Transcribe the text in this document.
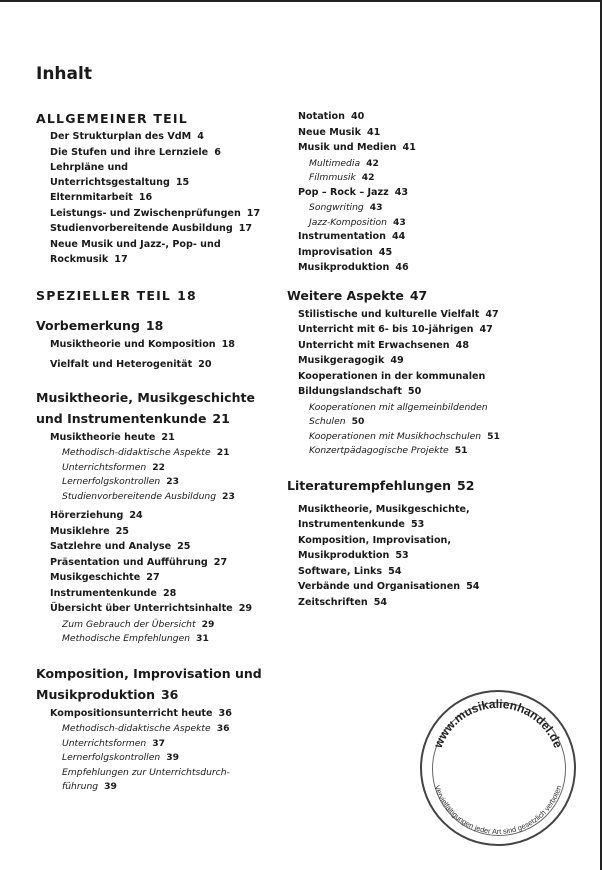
Inhalt
ALLGEMEINER TEIL
Der Strukturplan des VdM 4
Die Stufen und ihre Lernziele 6
Lehrpläne und Unterrichtsgestaltung 15
Elternmitarbeit 16
Leistungs- und Zwischenprüfungen 17
Studienvorbereitende Ausbildung 17
Neue Musik und Jazz-, Pop- und
Rockmusik 17
SPEZIELLER TEIL 18
Vorbemerkung 18
Musiktheorie und Komposition 18
Vielfalt und Heterogenität 20
Musiktheorie, Musikgeschichte
und Instrumentenkunde 21
Musiktheorie heute 21
Methodisch-didaktische Aspekte 21
Unterrichtsformen 22
Lernerfolgskontrollen 23
Studienvorbereitende Ausbildung 23
Hörerziehung 24
Musiklehre 25
Satzlehre und Analyse 25
Präsentation und Aufführung 27
Musikgeschichte 27
Instrumentenkunde 28
Übersicht über Unterrichtsinhalte 29
Zum Gebrauch der Übersicht 29
Methodische Empfehlungen 31
Komposition, Improvisation und
Musikproduktion 36
Kompositionsunterricht heute 36
Methodisch-didaktische Aspekte 36
Unterrichtsformen 37
Lernerfolgskontrollen 39
Empfehlungen zur Unterrichtsdurch-
führung 39
Notation 40
Neue Musik 41
Musik und Medien 41
Multimedia 42
Filmmusik 42
Pop – Rock – Jazz 43
Songwriting 43
Jazz-Komposition 43
Instrumentation 44
Improvisation 45
Musikproduktion 46
Weitere Aspekte 47
Stilistische und kulturelle Vielfalt 47
Unterricht mit 6- bis 10-jährigen 47
Unterricht mit Erwachsenen 48
Musikgeragogik 49
Kooperationen in der kommunalen
Bildungslandschaft 50
Kooperationen mit allgemeinbildenden
Schulen 50
Kooperationen mit Musikhochschulen 51
Konzertpädagogische Projekte 51
Literaturempfehlungen 52
Musiktheorie, Musikgeschichte,
Instrumentenkunde 53
Komposition, Improvisation,
Musikproduktion 53
Software, Links 54
Verbände und Organisationen 54
Zeitschriften 54
www.musikalienhandel.de
Vervielfältigungen jeder Art sind gesetzlich verboten
